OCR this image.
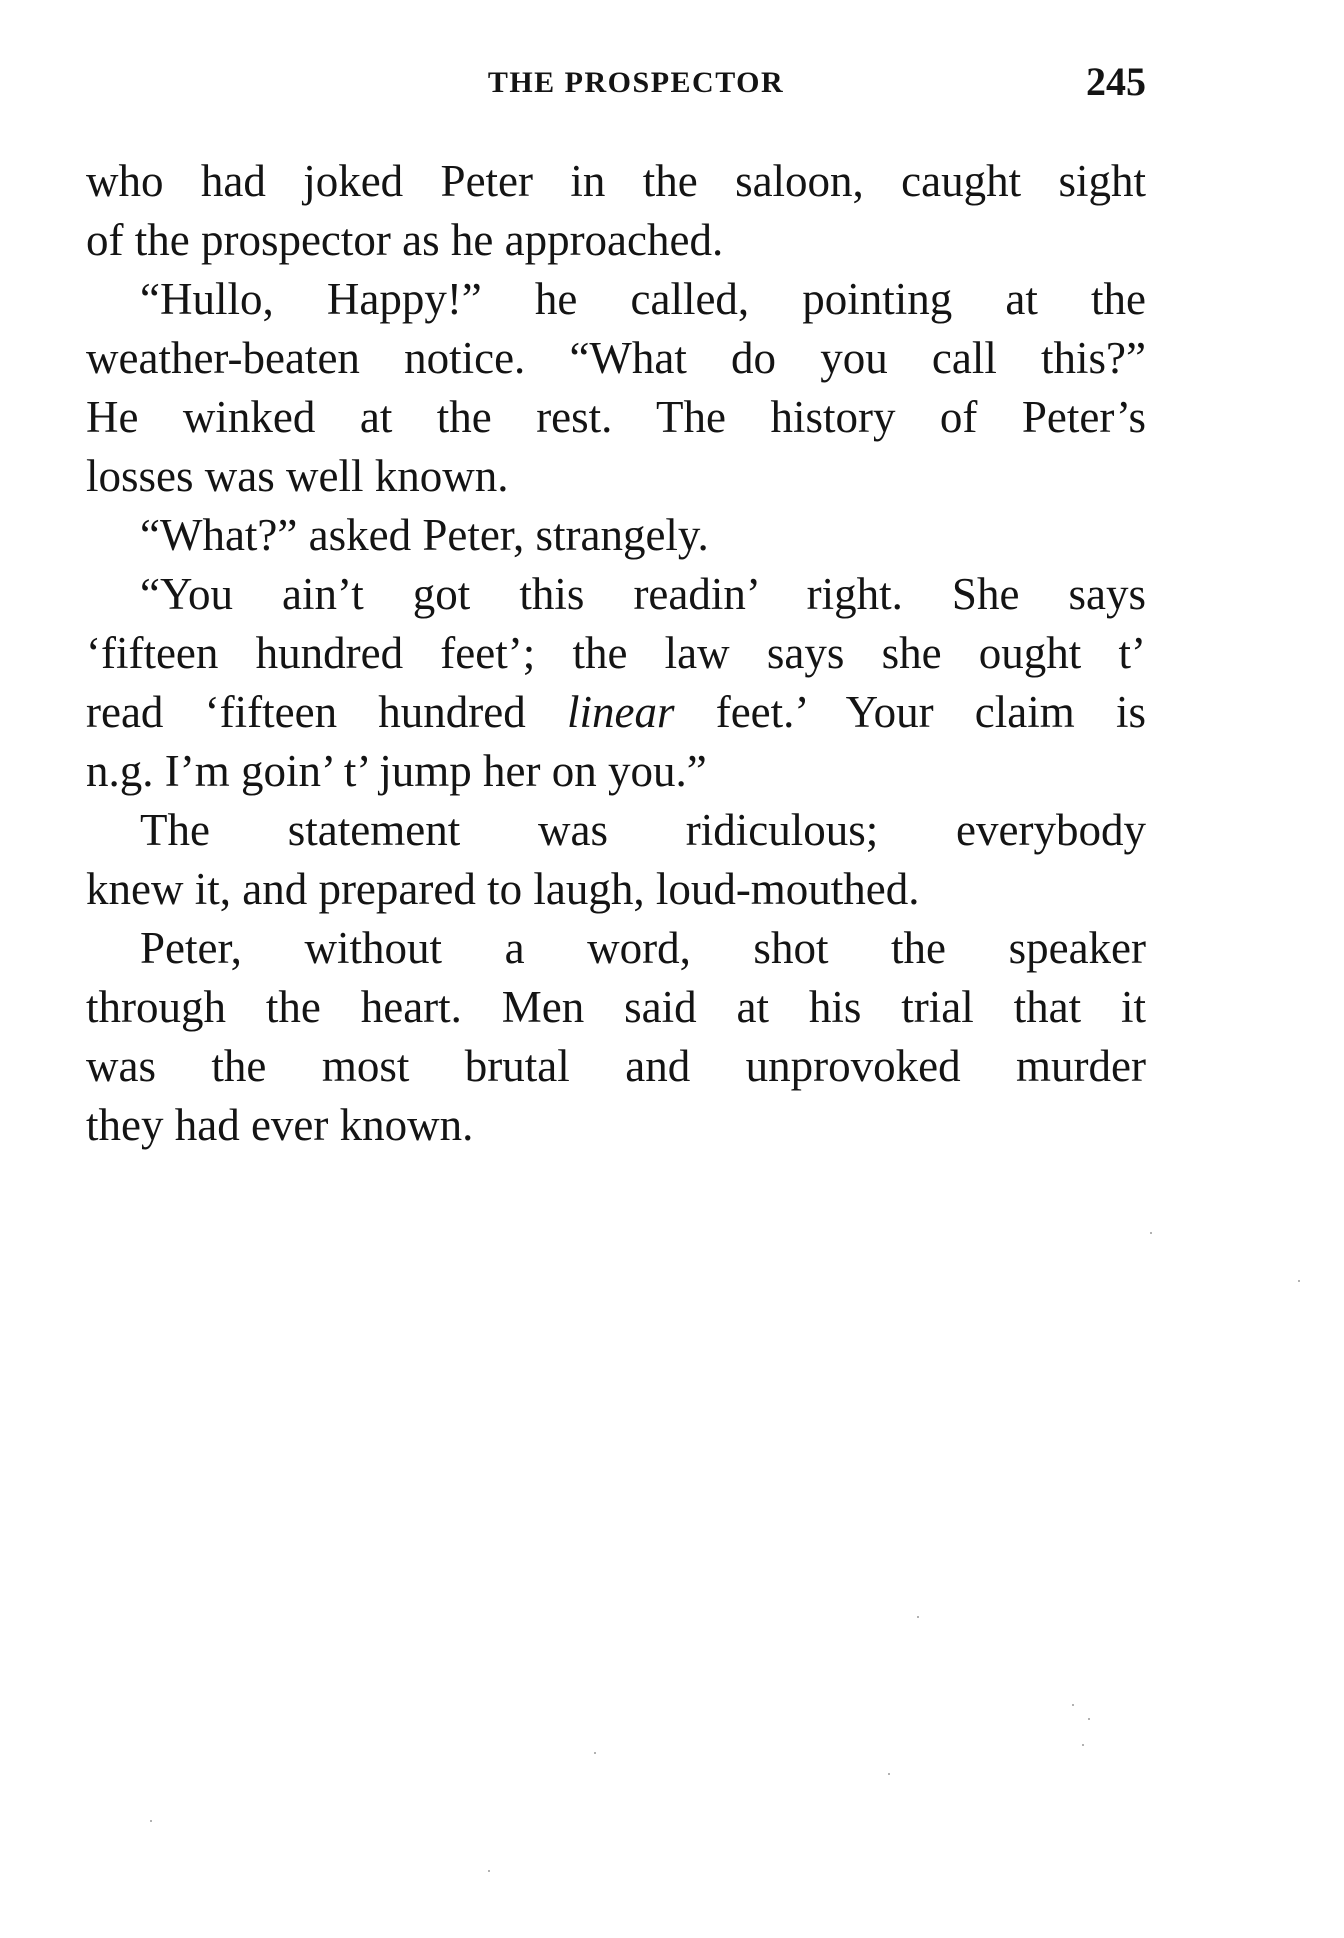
THE PROSPECTOR	245
who had joked Peter in the saloon, caught sight
of the prospector as he approached.
“Hullo, Happy!” he called, pointing at the
weather-beaten notice. “What do you call this?”
He winked at the rest. The history of Peter’s
losses was well known.
“What?” asked Peter, strangely.
“You ain’t got this readin’ right. She says
‘fifteen hundred feet’; the law says she ought t’
read ‘fifteen hundred linear feet.’ Your claim is
n.g. I’m goin’ t’ jump her on you.”
The statement was ridiculous; everybody
knew it, and prepared to laugh, loud-mouthed.
Peter, without a word, shot the speaker
through the heart. Men said at his trial that it
was the most brutal and unprovoked murder
they had ever known.
